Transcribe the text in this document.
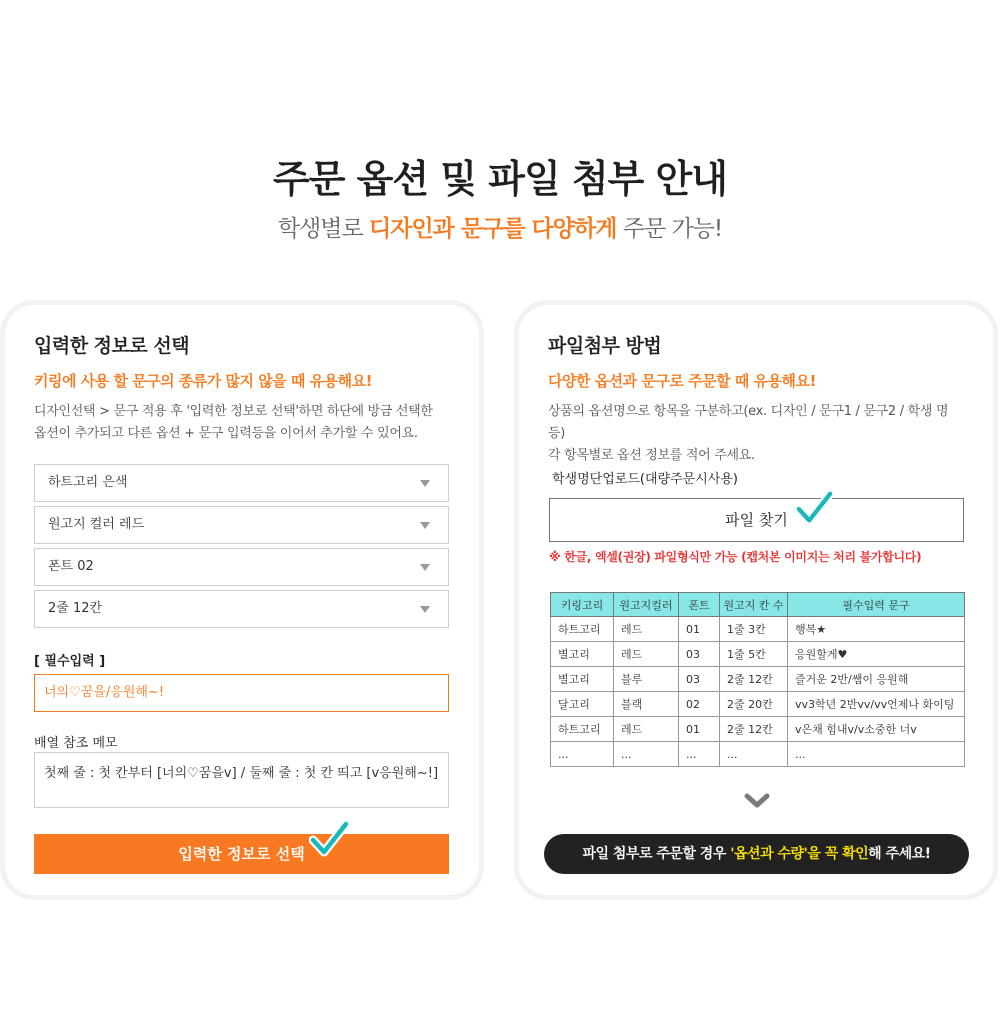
주문 옵션 및 파일 첨부 안내
학생별로 디자인과 문구를 다양하게 주문 가능!
입력한 정보로 선택
키링에 사용 할 문구의 종류가 많지 않을 때 유용해요!
디자인선택 > 문구 적용 후 '입력한 정보로 선택'하면 하단에 방금 선택한
옵션이 추가되고 다른 옵션 + 문구 입력등을 이어서 추가할 수 있어요.
하트고리 은색
원고지 컬러 레드
폰트 02
2줄 12칸
[ 필수입력 ]
너의♡꿈을/응원해~!
배열 참조 메모
첫째 줄 : 첫 칸부터 [너의♡꿈을v] / 둘째 줄 : 첫 칸 띄고 [v응원해~!]
입력한 정보로 선택
파일첨부 방법
다양한 옵션과 문구로 주문할 때 유용해요!
상품의 옵션명으로 항목을 구분하고(ex. 디자인 / 문구1 / 문구2 / 학생 명 등)
각 항목별로 옵션 정보를 적어 주세요.
학생명단업로드(대량주문시사용)
파일 찾기
※ 한글, 엑셀(권장) 파일형식만 가능 (캡처본 이미지는 처리 불가합니다)
키링고리	원고지컬러	폰트	원고지 칸 수	필수입력 문구
하트고리	레드	01	1줄 3칸	행복★
별고리	레드	03	1줄 5칸	응원할게♥
별고리	블루	03	2줄 12칸	즐거운 2반/쌤이 응원해
달고리	블랙	02	2줄 20칸	vv3학년 2반vv/vv언제나 화이팅
하트고리	레드	01	2줄 12칸	v은채 힘내v/v소중한 너v
...	...	...	...	...
파일 첨부로 주문할 경우 '옵션과 수량'을 꼭 확인해 주세요!
